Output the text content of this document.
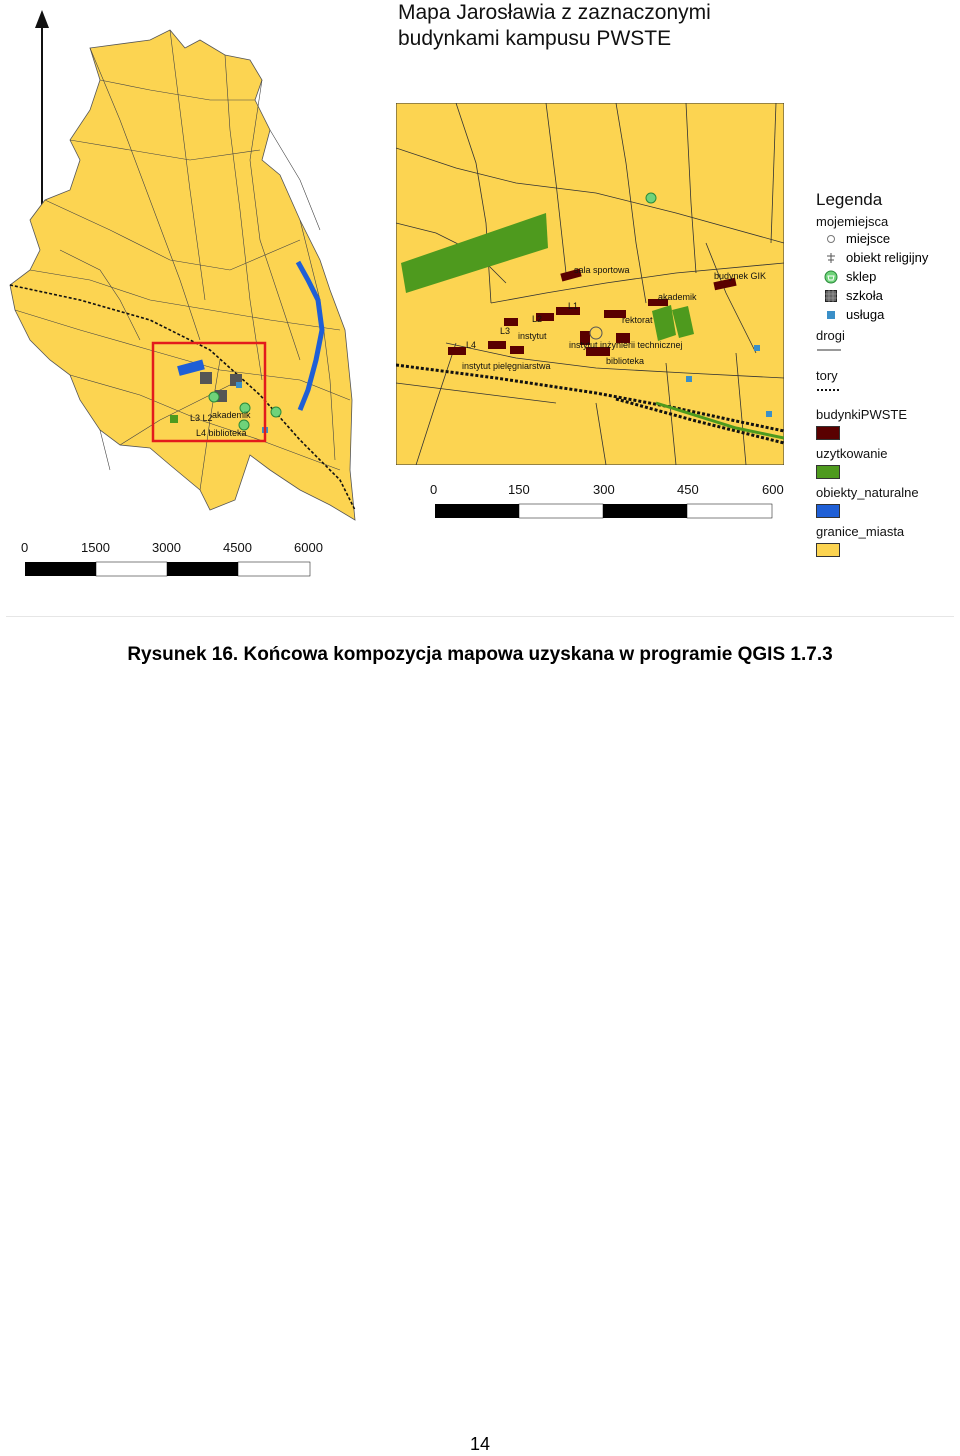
Mapa Jarosławia z zaznaczonymi
budynkami kampusu PWSTE
L3 L2 akademik
L4 biblioteka
sala sportowa
budynek GIK
akademik
L1
rektorat
L2
L3 instytut
L4	instytut inżynierii technicznej
biblioteka
instytut pielęgniarstwa
0	150	300	450	600
0	1500	3000	4500	6000
Legenda
mojemiejsca
miejsce
obiekt religijny
sklep
szkoła
usługa
drogi
tory
budynkiPWSTE
uzytkowanie
obiekty_naturalne
granice_miasta
Rysunek 16. Końcowa kompozycja mapowa uzyskana w programie QGIS 1.7.3
14
